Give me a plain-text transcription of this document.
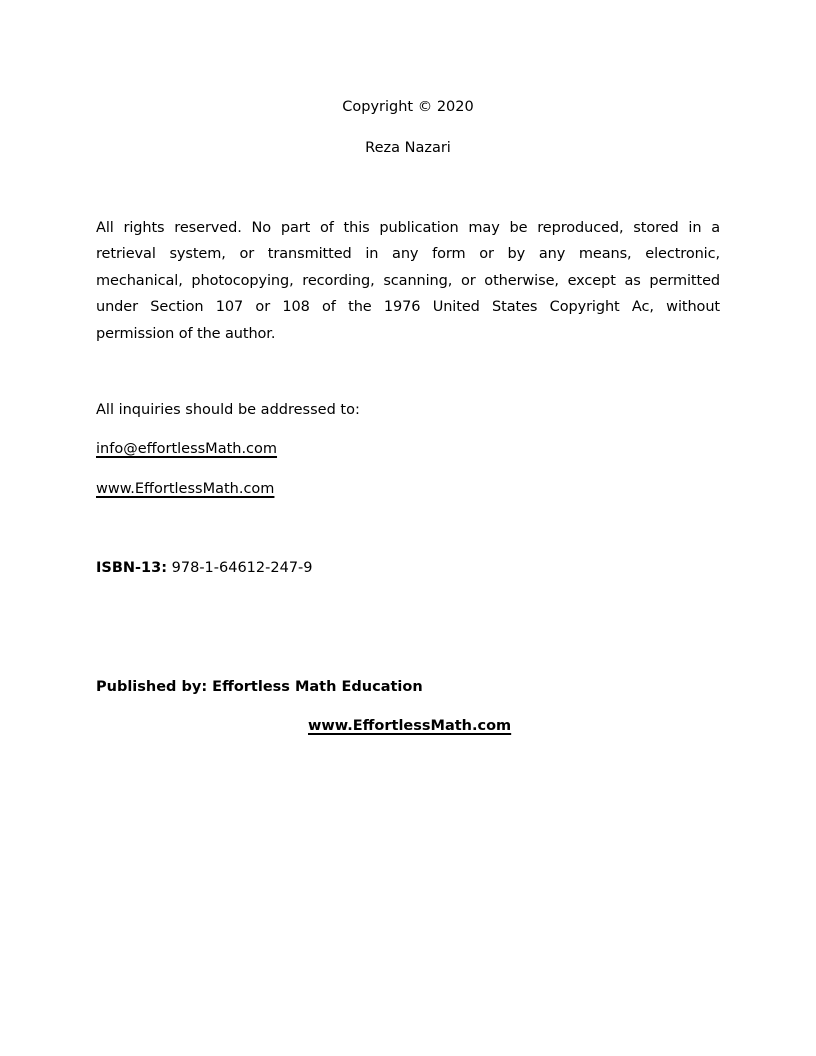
Copyright © 2020
Reza Nazari
All rights reserved. No part of this publication may be reproduced, stored in a
retrieval system, or transmitted in any form or by any means, electronic,
mechanical, photocopying, recording, scanning, or otherwise, except as permitted
under Section 107 or 108 of the 1976 United States Copyright Ac, without
permission of the author.
All inquiries should be addressed to:
info@effortlessMath.com
www.EffortlessMath.com
ISBN-13: 978-1-64612-247-9
Published by: Effortless Math Education
www.EffortlessMath.com
